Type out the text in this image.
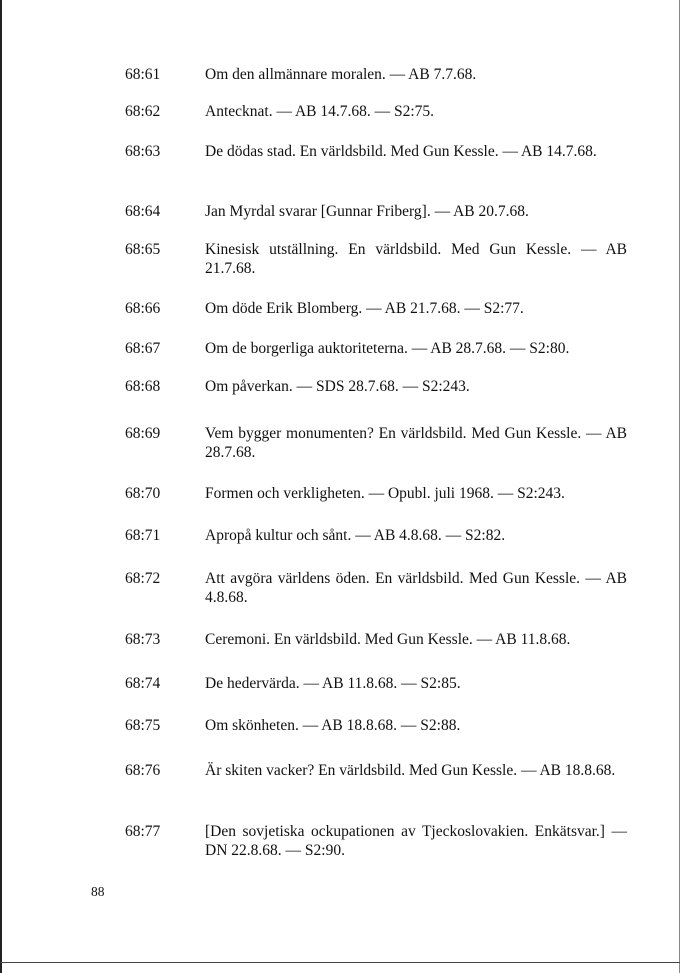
68:61	Om den allmännare moralen. — AB 7.7.68.
68:62	Antecknat. — AB 14.7.68. — S2:75.
68:63	De dödas stad. En världsbild. Med Gun Kessle. — AB 14.7.68.
68:64	Jan Myrdal svarar [Gunnar Friberg]. — AB 20.7.68.
68:65	Kinesisk utställning. En världsbild. Med Gun Kessle. — AB 21.7.68.
68:66	Om döde Erik Blomberg. — AB 21.7.68. — S2:77.
68:67	Om de borgerliga auktoriteterna. — AB 28.7.68. — S2:80.
68:68	Om påverkan. — SDS 28.7.68. — S2:243.
68:69	Vem bygger monumenten? En världsbild. Med Gun Kessle. — AB 28.7.68.
68:70	Formen och verkligheten. — Opubl. juli 1968. — S2:243.
68:71	Apropå kultur och sånt. — AB 4.8.68. — S2:82.
68:72	Att avgöra världens öden. En världsbild. Med Gun Kessle. — AB 4.8.68.
68:73	Ceremoni. En världsbild. Med Gun Kessle. — AB 11.8.68.
68:74	De hedervärda. — AB 11.8.68. — S2:85.
68:75	Om skönheten. — AB 18.8.68. — S2:88.
68:76	Är skiten vacker? En världsbild. Med Gun Kessle. — AB 18.8.68.
68:77	[Den sovjetiska ockupationen av Tjeckoslovakien. Enkätsvar.] — DN 22.8.68. — S2:90.
88
